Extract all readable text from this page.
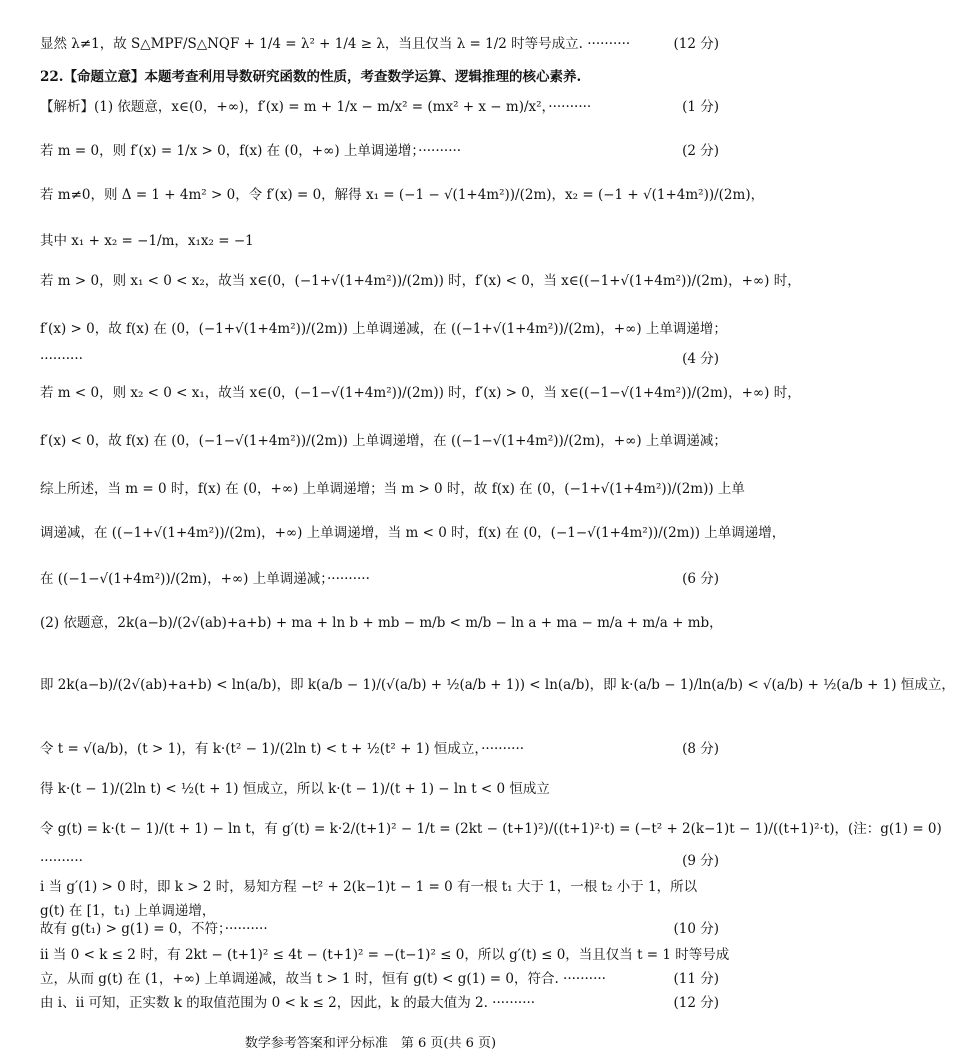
显然 λ≠1，故 S△MPF/S△NQF + 1/4 = λ² + 1/4 ≥ λ，当且仅当 λ = 1/2 时等号成立. ··········	(12 分)
22.【命题立意】本题考查利用导数研究函数的性质，考查数学运算、逻辑推理的核心素养.
【解析】(1) 依题意，x∈(0，+∞)，f′(x) = m + 1/x − m/x² = (mx² + x − m)/x²，··········	(1 分)
若 m = 0，则 f′(x) = 1/x > 0，f(x) 在 (0，+∞) 上单调递增；··········	(2 分)
若 m≠0，则 Δ = 1 + 4m² > 0，令 f′(x) = 0，解得 x₁ = (−1 − √(1+4m²))/(2m)，x₂ = (−1 + √(1+4m²))/(2m)，
其中 x₁ + x₂ = −1/m，x₁x₂ = −1
若 m > 0，则 x₁ < 0 < x₂，故当 x∈(0，(−1+√(1+4m²))/(2m)) 时，f′(x) < 0，当 x∈((−1+√(1+4m²))/(2m)，+∞) 时，
f′(x) > 0，故 f(x) 在 (0，(−1+√(1+4m²))/(2m)) 上单调递减，在 ((−1+√(1+4m²))/(2m)，+∞) 上单调递增；
··········	(4 分)
若 m < 0，则 x₂ < 0 < x₁，故当 x∈(0，(−1−√(1+4m²))/(2m)) 时，f′(x) > 0，当 x∈((−1−√(1+4m²))/(2m)，+∞) 时，
f′(x) < 0，故 f(x) 在 (0，(−1−√(1+4m²))/(2m)) 上单调递增，在 ((−1−√(1+4m²))/(2m)，+∞) 上单调递减；
综上所述，当 m = 0 时，f(x) 在 (0，+∞) 上单调递增；当 m > 0 时，故 f(x) 在 (0，(−1+√(1+4m²))/(2m)) 上单
调递减，在 ((−1+√(1+4m²))/(2m)，+∞) 上单调递增，当 m < 0 时，f(x) 在 (0，(−1−√(1+4m²))/(2m)) 上单调递增，
在 ((−1−√(1+4m²))/(2m)，+∞) 上单调递减；··········	(6 分)
(2) 依题意，2k(a−b)/(2√(ab)+a+b) + ma + ln b + mb − m/b < m/b − ln a + ma − m/a + m/a + mb，
即 2k(a−b)/(2√(ab)+a+b) < ln(a/b)，即 k(a/b − 1)/(√(a/b) + ½(a/b + 1)) < ln(a/b)，即 k·(a/b − 1)/ln(a/b) < √(a/b) + ½(a/b + 1) 恒成立，
令 t = √(a/b)，(t > 1)，有 k·(t² − 1)/(2ln t) < t + ½(t² + 1) 恒成立，··········	(8 分)
得 k·(t − 1)/(2ln t) < ½(t + 1) 恒成立，所以 k·(t − 1)/(t + 1) − ln t < 0 恒成立
令 g(t) = k·(t − 1)/(t + 1) − ln t，有 g′(t) = k·2/(t+1)² − 1/t = (2kt − (t+1)²)/((t+1)²·t) = (−t² + 2(k−1)t − 1)/((t+1)²·t)，(注：g(1) = 0)
··········	(9 分)
ⅰ 当 g′(1) > 0 时，即 k > 2 时，易知方程 −t² + 2(k−1)t − 1 = 0 有一根 t₁ 大于 1，一根 t₂ 小于 1，所以
g(t) 在 [1，t₁) 上单调递增，
故有 g(t₁) > g(1) = 0，不符；··········	(10 分)
ⅱ 当 0 < k ≤ 2 时，有 2kt − (t+1)² ≤ 4t − (t+1)² = −(t−1)² ≤ 0，所以 g′(t) ≤ 0，当且仅当 t = 1 时等号成
立，从而 g(t) 在 (1，+∞) 上单调递减，故当 t > 1 时，恒有 g(t) < g(1) = 0，符合. ··········	(11 分)
由 ⅰ、ⅱ 可知，正实数 k 的取值范围为 0 < k ≤ 2，因此，k 的最大值为 2. ··········	(12 分)
数学参考答案和评分标准　第 6 页(共 6 页)
